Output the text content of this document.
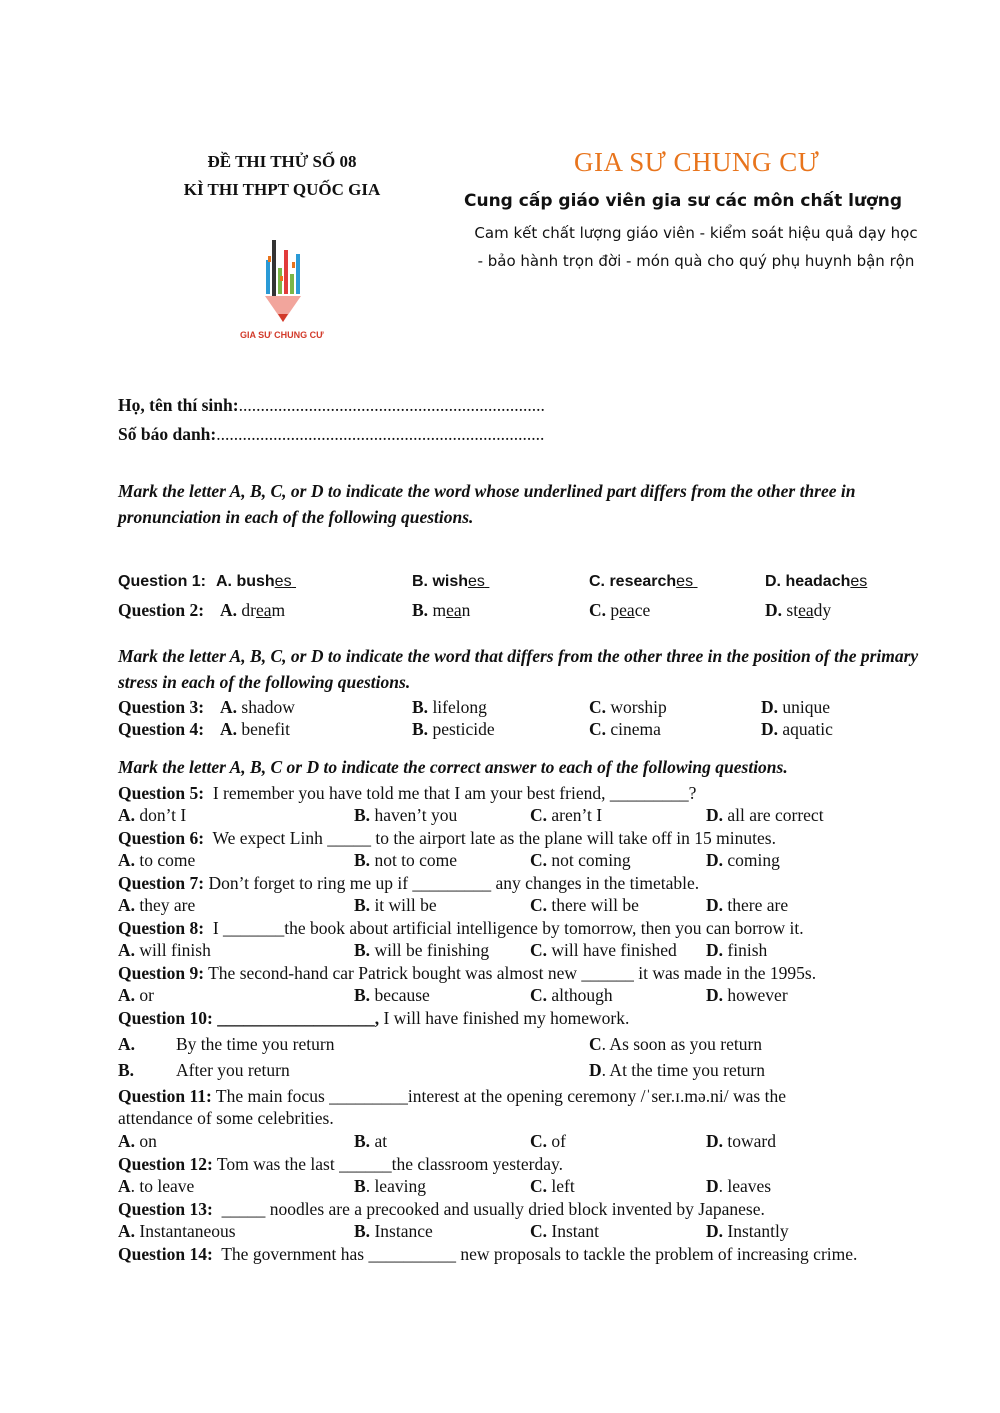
ĐỀ THI THỬ SỐ 08
KÌ THI THPT QUỐC GIA
GIA SƯ CHUNG CƯ
GIA SƯ CHUNG CƯ
Cung cấp giáo viên gia sư các môn chất lượng
Cam kết chất lượng giáo viên - kiểm soát hiệu quả dạy học
- bảo hành trọn đời - món quà cho quý phụ huynh bận rộn
Họ, tên thí sinh:......................................................................
Số báo danh:...........................................................................
Mark the letter A, B, C, or D to indicate the word whose underlined part differs from the other three in pronunciation in each of the following questions.
Question 1: A. bushes	B. wishes	C. researches	D. headaches
Question 2: A. dream	B. mean	C. peace	D. steady
Mark the letter A, B, C, or D to indicate the word that differs from the other three in the position of the primary stress in each of the following questions.
Question 3: A. shadow	B. lifelong	C. worship	D. unique
Question 4: A. benefit	B. pesticide	C. cinema	D. aquatic
Mark the letter A, B, C or D to indicate the correct answer to each of the following questions.
Question 5:  I remember you have told me that I am your best friend, _________?
A. don’t I	B. haven’t you	C. aren’t I	D. all are correct
Question 6:  We expect Linh _____ to the airport late as the plane will take off in 15 minutes.
A. to come	B. not to come	C. not coming	D. coming
Question 7: Don’t forget to ring me up if _________ any changes in the timetable.
A. they are	B. it will be	C. there will be	D. there are
Question 8:  I _______the book about artificial intelligence by tomorrow, then you can borrow it.
A. will finish	B. will be finishing C. will have finished D. finish
Question 9: The second-hand car Patrick bought was almost new ______ it was made in the 1995s.
A. or	B. because	C. although	D. however
Question 10: __________________, I will have finished my homework.
A. By the time you return	C. As soon as you return
B. After you return	D. At the time you return
Question 11: The main focus _________interest at the opening ceremony /ˈser.ɪ.mə.ni/ was the
attendance of some celebrities.
A. on	B. at	C. of	D. toward
Question 12: Tom was the last ______the classroom yesterday.
A. to leave	B. leaving	C. left	D. leaves
Question 13:  _____ noodles are a precooked and usually dried block invented by Japanese.
A. Instantaneous	B. Instance	C. Instant	D. Instantly
Question 14:  The government has __________ new proposals to tackle the problem of increasing crime.
